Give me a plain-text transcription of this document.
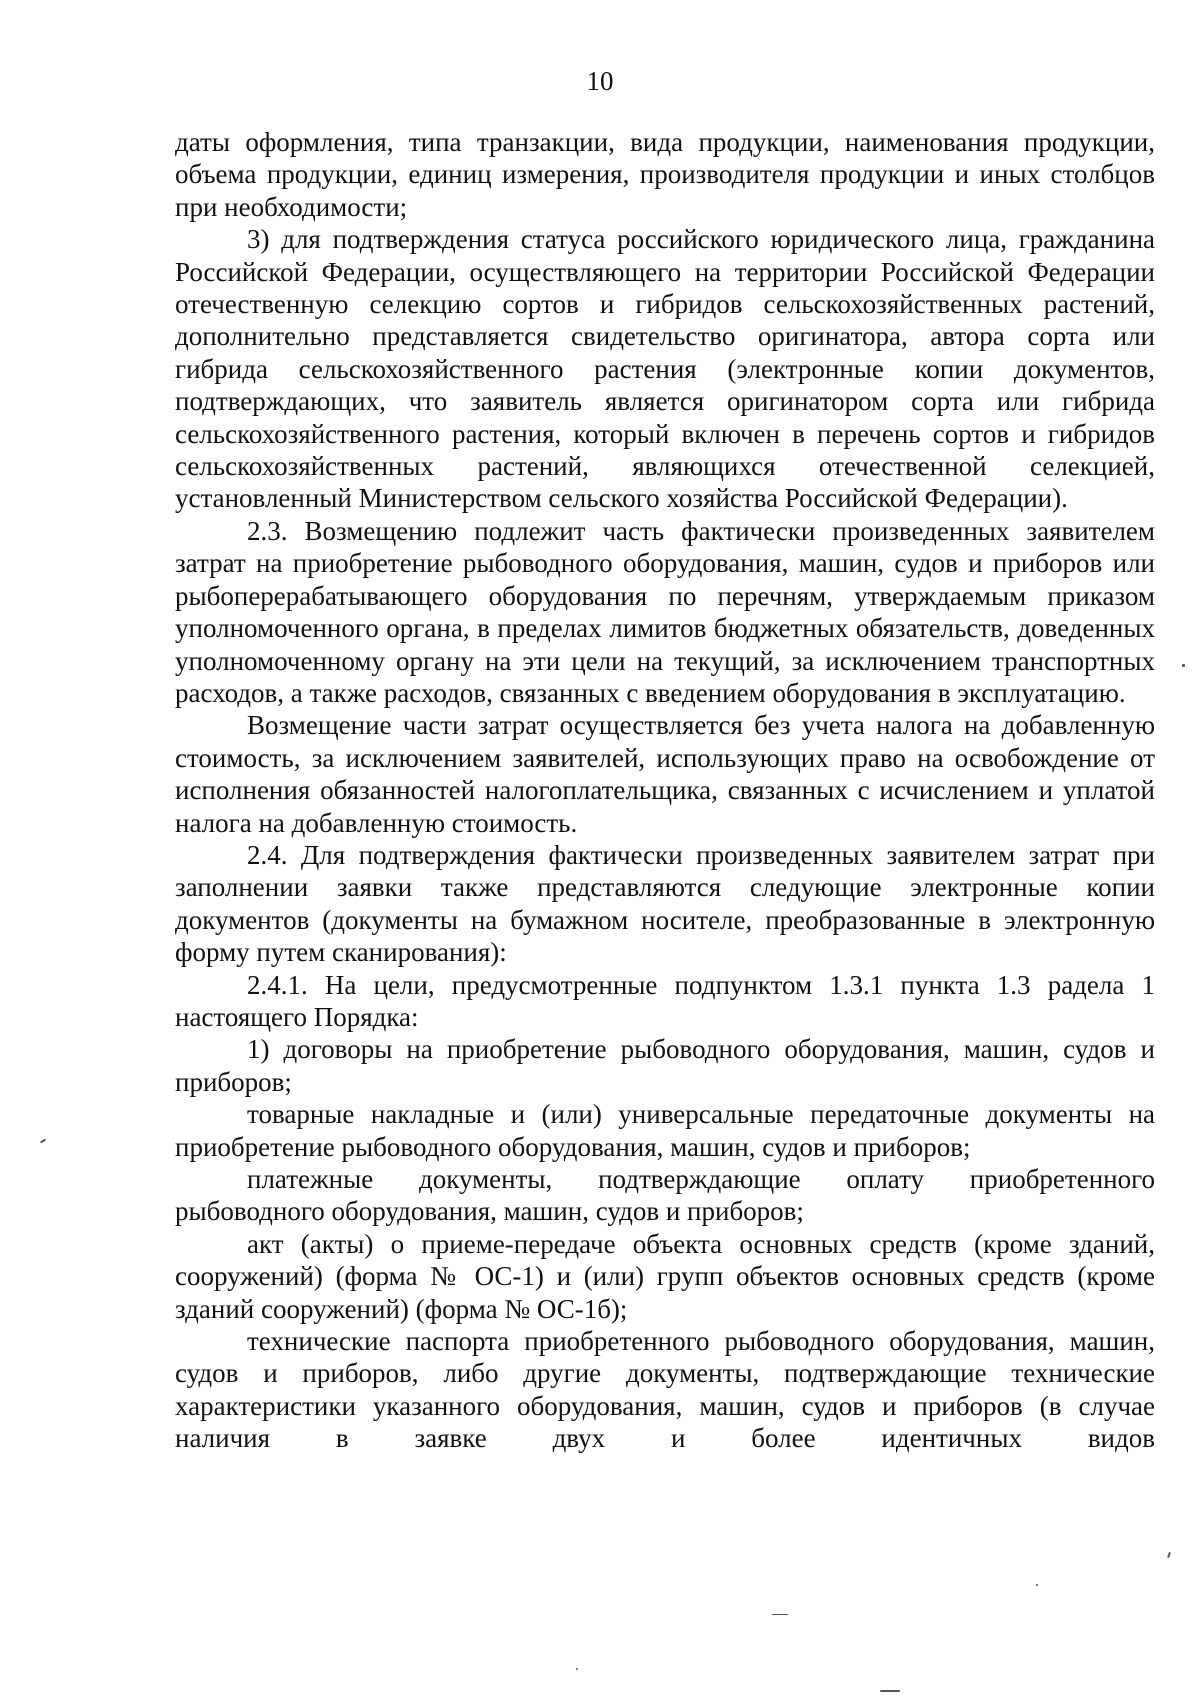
10

даты оформления, типа транзакции, вида продукции, наименования продукции, объема продукции, единиц измерения, производителя продукции и иных столбцов при необходимости;

3) для подтверждения статуса российского юридического лица, гражданина Российской Федерации, осуществляющего на территории Российской Федерации отечественную селекцию сортов и гибридов сельскохозяйственных растений, дополнительно представляется свидетельство оригинатора, автора сорта или гибрида сельскохозяйственного растения (электронные копии документов, подтверждающих, что заявитель является оригинатором сорта или гибрида сельскохозяйственного растения, который включен в перечень сортов и гибридов сельскохозяйственных растений, являющихся отечественной селекцией, установленный Министерством сельского хозяйства Российской Федерации).

2.3. Возмещению подлежит часть фактически произведенных заявителем затрат на приобретение рыбоводного оборудования, машин, судов и приборов или рыбоперерабатывающего оборудования по перечням, утверждаемым приказом уполномоченного органа, в пределах лимитов бюджетных обязательств, доведенных уполномоченному органу на эти цели на текущий, за исключением транспортных расходов, а также расходов, связанных с введением оборудования в эксплуатацию.

Возмещение части затрат осуществляется без учета налога на добавленную стоимость, за исключением заявителей, использующих право на освобождение от исполнения обязанностей налогоплательщика, связанных с исчислением и уплатой налога на добавленную стоимость.

2.4. Для подтверждения фактически произведенных заявителем затрат при заполнении заявки также представляются следующие электронные копии документов (документы на бумажном носителе, преобразованные в электронную форму путем сканирования):

2.4.1. На цели, предусмотренные подпунктом 1.3.1 пункта 1.3 радела 1 настоящего Порядка:

1) договоры на приобретение рыбоводного оборудования, машин, судов и приборов;

товарные накладные и (или) универсальные передаточные документы на приобретение рыбоводного оборудования, машин, судов и приборов;

платежные документы, подтверждающие оплату приобретенного рыбоводного оборудования, машин, судов и приборов;

акт (акты) о приеме-передаче объекта основных средств (кроме зданий, сооружений) (форма № ОС-1) и (или) групп объектов основных средств (кроме зданий сооружений) (форма № ОС-1б);

технические паспорта приобретенного рыбоводного оборудования, машин, судов и приборов, либо другие документы, подтверждающие технические характеристики указанного оборудования, машин, судов и приборов (в случае наличия в заявке двух и более идентичных видов
